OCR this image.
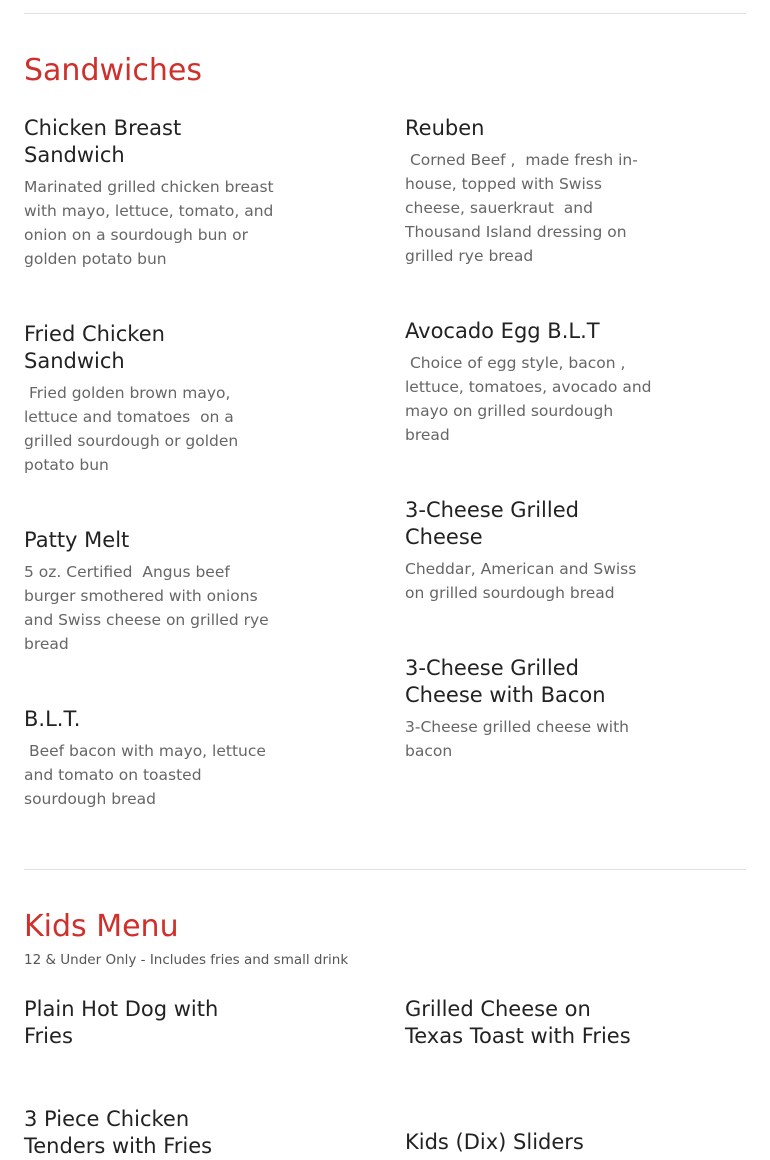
Sandwiches
Chicken Breast Sandwich
Marinated grilled chicken breast with mayo, lettuce, tomato, and onion on a sourdough bun or golden potato bun
Reuben
Corned Beef ,  made fresh in-house, topped with Swiss cheese, sauerkraut  and Thousand Island dressing on grilled rye bread
Fried Chicken Sandwich
Fried golden brown mayo, lettuce and tomatoes  on a grilled sourdough or golden potato bun
Avocado Egg B.L.T
Choice of egg style, bacon , lettuce, tomatoes, avocado and mayo on grilled sourdough bread
Patty Melt
5 oz. Certified  Angus beef burger smothered with onions and Swiss cheese on grilled rye bread
3-Cheese Grilled Cheese
Cheddar, American and Swiss on grilled sourdough bread
B.L.T.
Beef bacon with mayo, lettuce and tomato on toasted sourdough bread
3-Cheese Grilled Cheese with Bacon
3-Cheese grilled cheese with bacon
Kids Menu
12 & Under Only - Includes fries and small drink
Plain Hot Dog with Fries
Grilled Cheese on Texas Toast with Fries
3 Piece Chicken Tenders with Fries	Kids (Dix) Sliders
